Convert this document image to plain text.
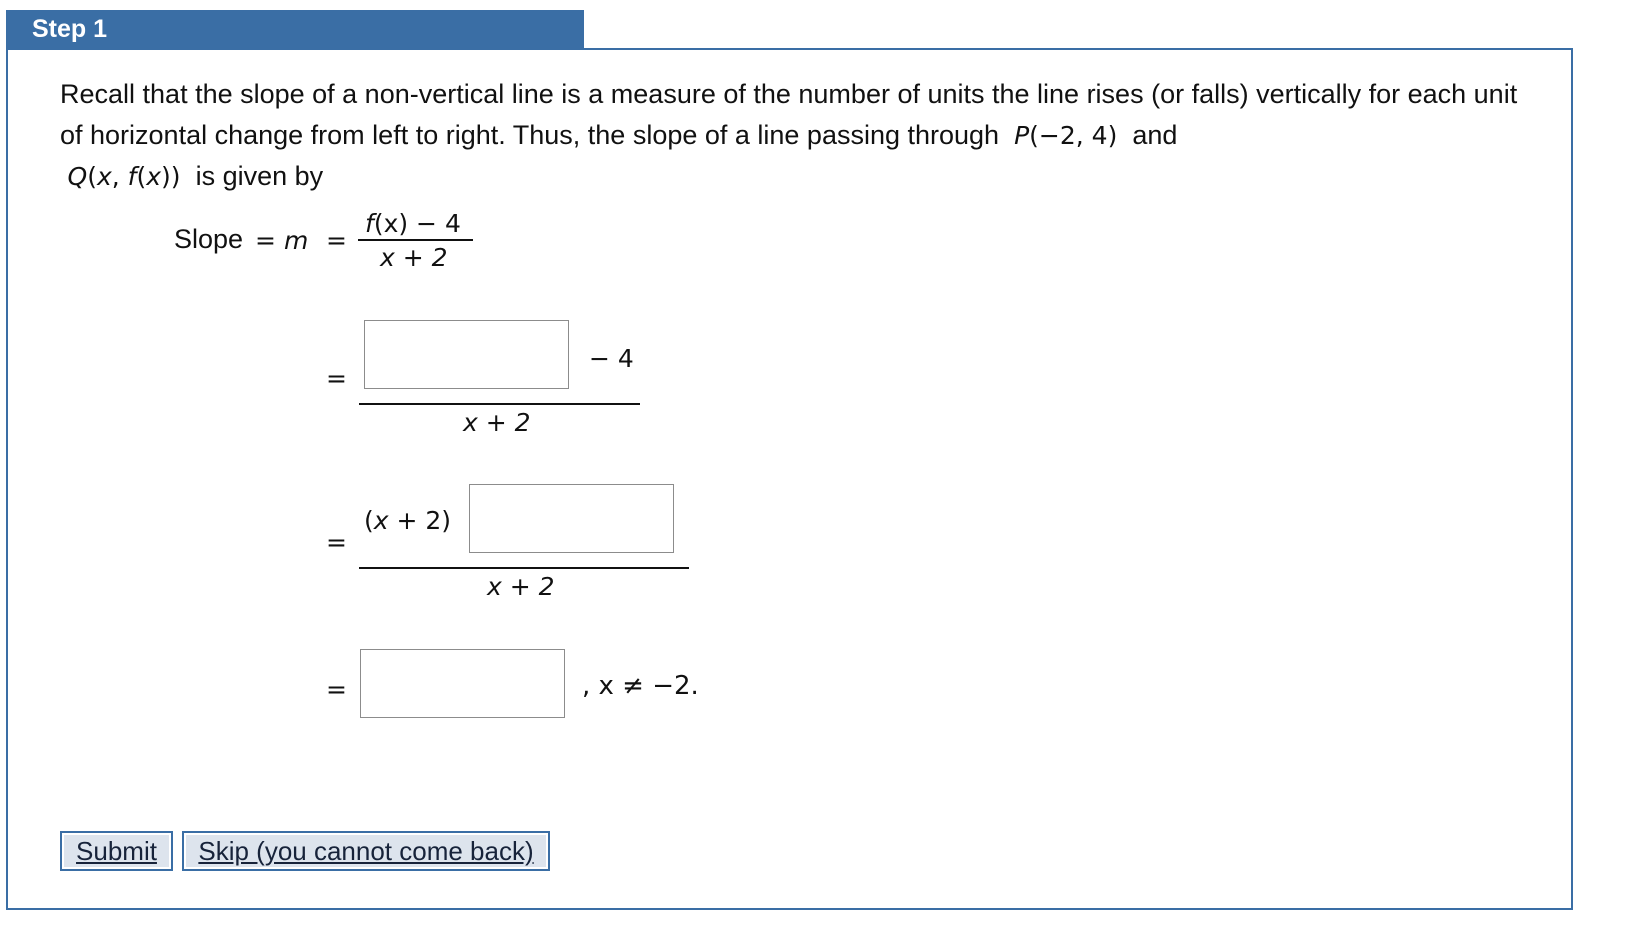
Step 1
Recall that the slope of a non-vertical line is a measure of the number of units the line rises (or falls) vertically for each unit of horizontal change from left to right. Thus, the slope of a line passing through P(−2, 4) and
Q(x, f(x)) is given by
Slope = m =
f(x) − 4
x + 2
=
− 4
x + 2
=
(x + 2)
x + 2
=	, x ≠ −2.
Submit	Skip (you cannot come back)
